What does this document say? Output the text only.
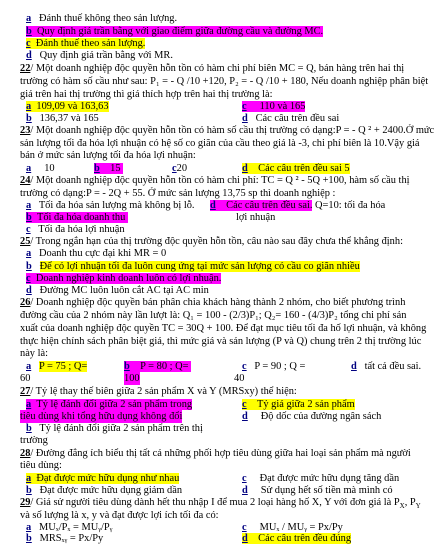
a Đánh thuế không theo sản lượng.
b Quy định giá trần bằng với giao điểm giữa đường cầu và đường MC.
c Đánh thuế theo sản lượng.
d Quy định giá trần bằng với MR.
22/ Một doanh nghiệp độc quyền hỗn tồn có hàm chi phí biên MC = Q, bán hàng trên hai thị
trường có hàm số cầu như sau: P₁ = - Q /10 +120, P₂ = - Q /10 + 180, Nếu doanh nghiệp phân biệt
giá trên hai thị trường thì giá thích hợp trên hai thị trường là:
a 109,09 và 163,63	c 110 và 165
b 136,37 và 165	d Các câu trên đều sai
23/ Một doanh nghiệp độc quyền hỗn tồn có hàm số cầu thị trường có dạng:P = - Q ² + 2400.Ở mức
sản lượng tối đa hóa lợi nhuận có hệ số co giãn của cầu theo giá là -3, chi phí biên là 10.Vậy giá
bán ở mức sản lượng tối đa hóa lợi nhuận:
a 10	b 15	c20	d Các câu trên đều sai 5
24/ Một doanh nghiệp độc quyền hỗn tồn có hàm chi phí: TC = Q ² - 5Q +100, hàm số cầu thị
trường có dạng:P = - 2Q + 55. Ở mức sản lượng 13,75 sp thì doanh nghiệp :
a Tối đa hóa sản lượng mà không bị lỗ. d Các câu trên đều sai. Q=10: tối đa hóa
b Tối đa hóa doanh thu	lợi nhuận
c Tối đa hóa lợi nhuận
25/ Trong ngắn hạn của thị trường độc quyền hỗn tồn, câu nào sau đây chưa thể khẳng định:
a Doanh thu cực đại khi MR = 0
b Để có lợi nhuận tối đa luôn cung ứng tại mức sản lượng có cầu co giãn nhiều
c Doanh nghiệp kinh doanh luôn có lợi nhuận.
d Đường MC luôn luôn cắt AC tại AC min
26/ Doanh nghiệp độc quyền bán phân chia khách hàng thành 2 nhóm, cho biết phương trình
đường cầu của 2 nhóm này lần lượt là: Q₁ = 100 - (2/3)P₁; Q₂= 160 - (4/3)P₂ tổng chi phí sản
xuất của doanh nghiệp độc quyền TC = 30Q + 100. Để đạt mục tiêu tối đa hố lợi nhuận, và không
thực hiện chính sách phân biệt giá, thì mức giá và sản lượng (P và Q) chung trên 2 thị trường lúc
này là:
a P = 75 ; Q=	b P = 80 ; Q=	c P = 90 ; Q =	d tất cả đều sai.
60	100	40
27/ Tỷ lệ thay thế biên giữa 2 sản phẩm X và Y (MRSxy) thể hiện:
a Tỷ lệ đánh đổi giữa 2 sản phẩm trong	c Tỷ giá giữa 2 sản phẩm
tiêu dùng khi tổng hữu dụng không đổi	d Độ dốc của đường ngân sách
b Tỷ lệ đánh đổi giữa 2 sản phẩm trên thị
trường
28/ Đường đẳng ích biểu thị tất cả những phối hợp tiêu dùng giữa hai loại sản phẩm mà người
tiêu dùng:
a Đạt được mức hữu dụng như nhau	c Đạt được mức hữu dụng tăng dần
b Đạt được mức hữu dụng giảm dần	d Sử dụng hết số tiền mà mình có
29/ Giả sử người tiêu dùng dành hết thu nhập I để mua 2 loại hàng hố X, Y với đơn giá là $P_X$, $P_Y$
và số lượng là x, y và đạt được lợi ích tối đa có:
a MUₓ/Pₓ = MUᵧ/Pᵧ	c MUₓ / MUᵧ = Px/Py
b MRSₓᵧ = Px/Py	d Các câu trên đều đúng
